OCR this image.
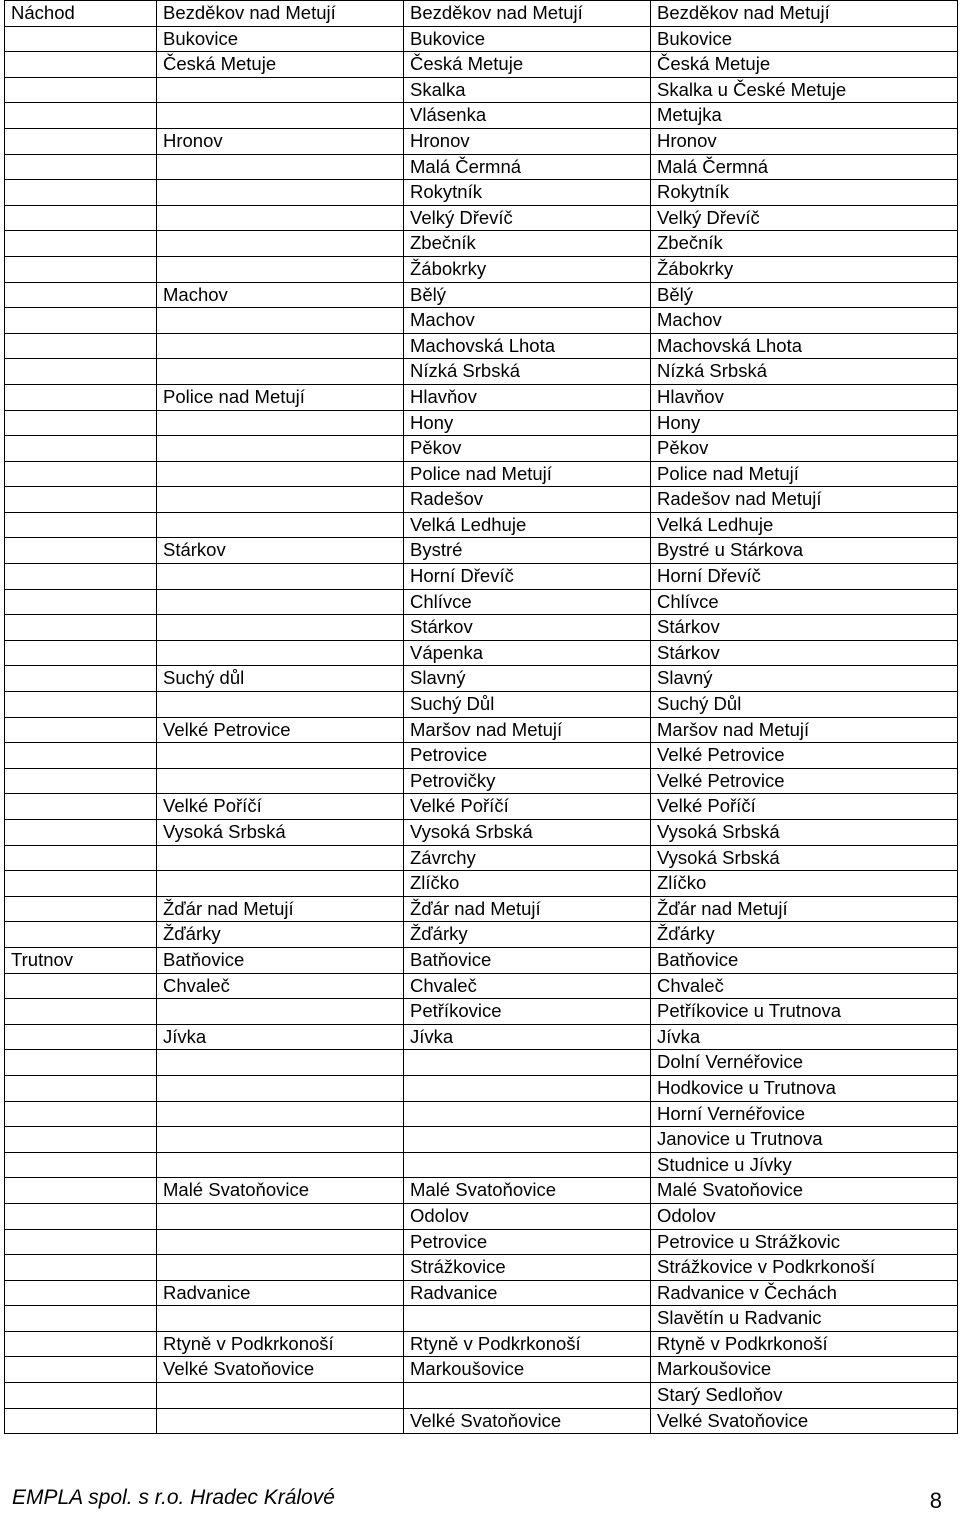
Náchod	Bezděkov nad Metují	Bezděkov nad Metují	Bezděkov nad Metují
	Bukovice	Bukovice	Bukovice
	Česká Metuje	Česká Metuje	Česká Metuje
		Skalka	Skalka u České Metuje
		Vlásenka	Metujka
	Hronov	Hronov	Hronov
		Malá Čermná	Malá Čermná
		Rokytník	Rokytník
		Velký Dřevíč	Velký Dřevíč
		Zbečník	Zbečník
		Žábokrky	Žábokrky
	Machov	Bělý	Bělý
		Machov	Machov
		Machovská Lhota	Machovská Lhota
		Nízká Srbská	Nízká Srbská
	Police nad Metují	Hlavňov	Hlavňov
		Hony	Hony
		Pěkov	Pěkov
		Police nad Metují	Police nad Metují
		Radešov	Radešov nad Metují
		Velká Ledhuje	Velká Ledhuje
	Stárkov	Bystré	Bystré u Stárkova
		Horní Dřevíč	Horní Dřevíč
		Chlívce	Chlívce
		Stárkov	Stárkov
		Vápenka	Stárkov
	Suchý důl	Slavný	Slavný
		Suchý Důl	Suchý Důl
	Velké Petrovice	Maršov nad Metují	Maršov nad Metují
		Petrovice	Velké Petrovice
		Petrovičky	Velké Petrovice
	Velké Poříčí	Velké Poříčí	Velké Poříčí
	Vysoká Srbská	Vysoká Srbská	Vysoká Srbská
		Závrchy	Vysoká Srbská
		Zlíčko	Zlíčko
	Žďár nad Metují	Žďár nad Metují	Žďár nad Metují
	Žďárky	Žďárky	Žďárky
Trutnov	Batňovice	Batňovice	Batňovice
	Chvaleč	Chvaleč	Chvaleč
		Petříkovice	Petříkovice u Trutnova
	Jívka	Jívka	Jívka
			Dolní Vernéřovice
			Hodkovice u Trutnova
			Horní Vernéřovice
			Janovice u Trutnova
			Studnice u Jívky
	Malé Svatoňovice	Malé Svatoňovice	Malé Svatoňovice
		Odolov	Odolov
		Petrovice	Petrovice u Strážkovic
		Strážkovice	Strážkovice v Podkrkonoší
	Radvanice	Radvanice	Radvanice v Čechách
			Slavětín u Radvanic
	Rtyně v Podkrkonoší	Rtyně v Podkrkonoší	Rtyně v Podkrkonoší
	Velké Svatoňovice	Markoušovice	Markoušovice
			Starý Sedloňov
		Velké Svatoňovice	Velké Svatoňovice
EMPLA spol. s r.o. Hradec Králové	8
